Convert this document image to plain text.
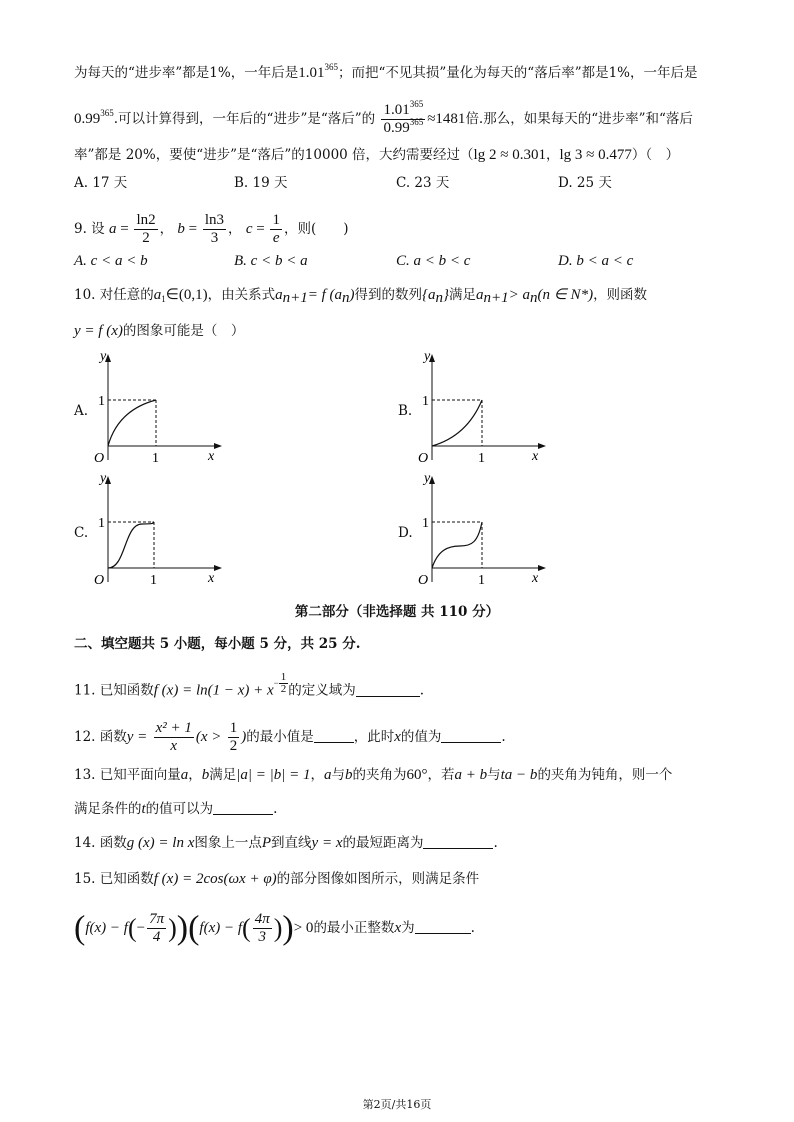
为每天的“进步率”都是1%，一年后是1.01$^{365}$；而把“不见其损”量化为每天的“落后率”都是1%，一年后是
0.99$^{365}$.可以计算得到，一年后的“进步”是“落后”的 $\frac{1.01^{365}}{0.99^{365}} \approx 1481$倍.那么，如果每天的“进步率”和“落后
率”都是 20%，要使“进步”是“落后”的10000 倍，大约需要经过（lg 2 ≈ 0.301，lg 3 ≈ 0.477）（　）
A. 17 天	B. 19 天	C. 23 天	D. 25 天
9. 设 $a = \frac{\ln 2}{2}$ ， $b = \frac{\ln 3}{3}$ ， $c = \frac{1}{e}$ ，则(　　)
A. c < a < b	B. c < b < a	C. a < b < c	D. b < a < c
10. 对任意的$a_1\in(0,1)$，由关系式$a_{n+1}= f$ $(a_n)$得到的数列$\{a_n\}$满足$a_{n+1}> a_n(n$ ∈ N*)，则函数
y = f (x)的图象可能是（　）
A.	B.
C.	D.
y
x
O	1
1
y
x
O	1
1
y
x
O	1
1
y
x
O	1
1
第二部分（非选择题 共 110 分）
二、填空题共 5 小题，每小题 5 分，共 25 分.
11. 已知函数f $(x) = \ln(1 - x) + x^{- \frac{1}{2}}$ 的定义域为	.
12. 函数$y = \frac{\text{x² + 1}}{x} (x > \frac{1}{2}$ )的最小值是	，此时x的值为	.
13. 已知平面向量a，b满足|a| = |b| = 1，a与b的夹角为60°，若a + b与ta − b的夹角为钝角，则一个
满足条件的t的值可以为	.
14. 函数g (x) = ln x图象上一点P到直线y = x的最短距离为	.
15. 已知函数f (x) = 2cos(ωx + φ)的部分图像如图所示，则满足条件
$(f(x) - f(- \frac{7\pi}{4} ))(f(x) - f( \frac{4\pi}{3}$ ))> 0的最小正整数x为	.
第2页/共16页
